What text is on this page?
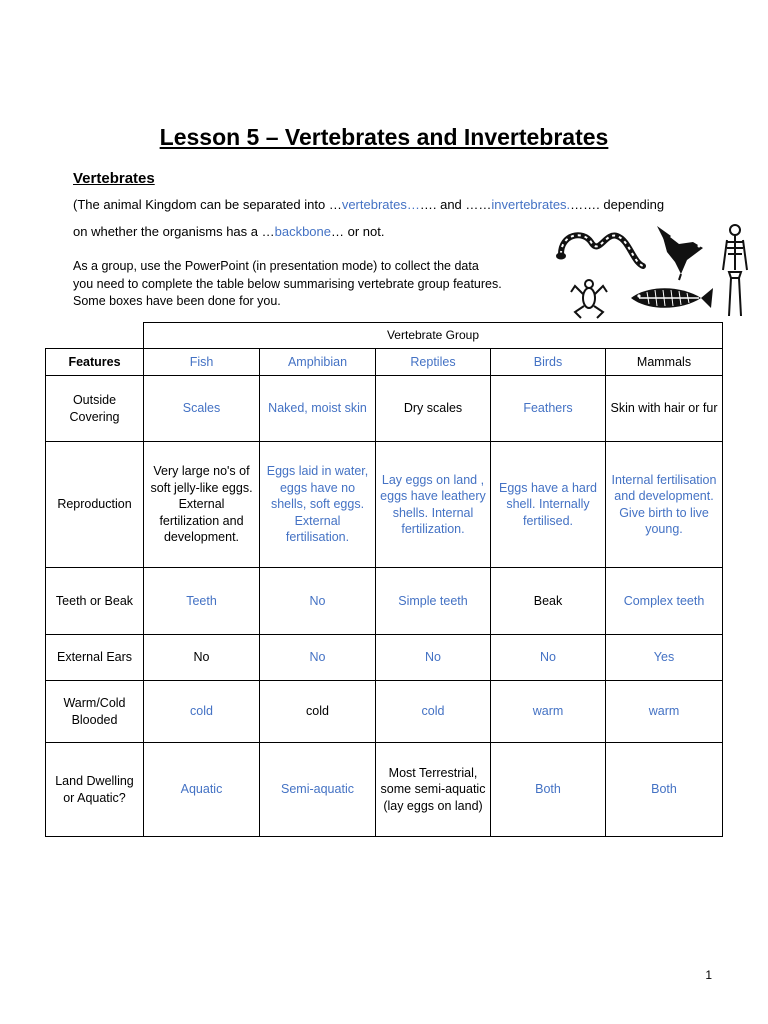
Lesson 5 – Vertebrates and Invertebrates
Vertebrates
(The animal Kingdom can be separated into …vertebrates……. and ……invertebrates.……. depending
on whether the organisms has a …backbone… or not.
As a group, use the PowerPoint (in presentation mode) to collect the data
you need to complete the table below summarising vertebrate group features.
Some boxes have been done for you.
	Vertebrate Group				
Features	Fish	Amphibian	Reptiles	Birds	Mammals
Outside Covering	Scales	Naked, moist skin	Dry scales	Feathers	Skin with hair or fur
Reproduction	Very large no's of soft jelly-like eggs. External fertilization and development.	Eggs laid in water, eggs have no shells, soft eggs. External fertilisation.	Lay eggs on land , eggs have leathery shells. Internal fertilization.	Eggs have a hard shell. Internally fertilised.	Internal fertilisation and development. Give birth to live young.
Teeth or Beak	Teeth	No	Simple teeth	Beak	Complex teeth
External Ears	No	No	No	No	Yes
Warm/Cold Blooded	cold	cold	cold	warm	warm
Land Dwelling or Aquatic?	Aquatic	Semi-aquatic	Most Terrestrial, some semi-aquatic (lay eggs on land)	Both	Both
1
